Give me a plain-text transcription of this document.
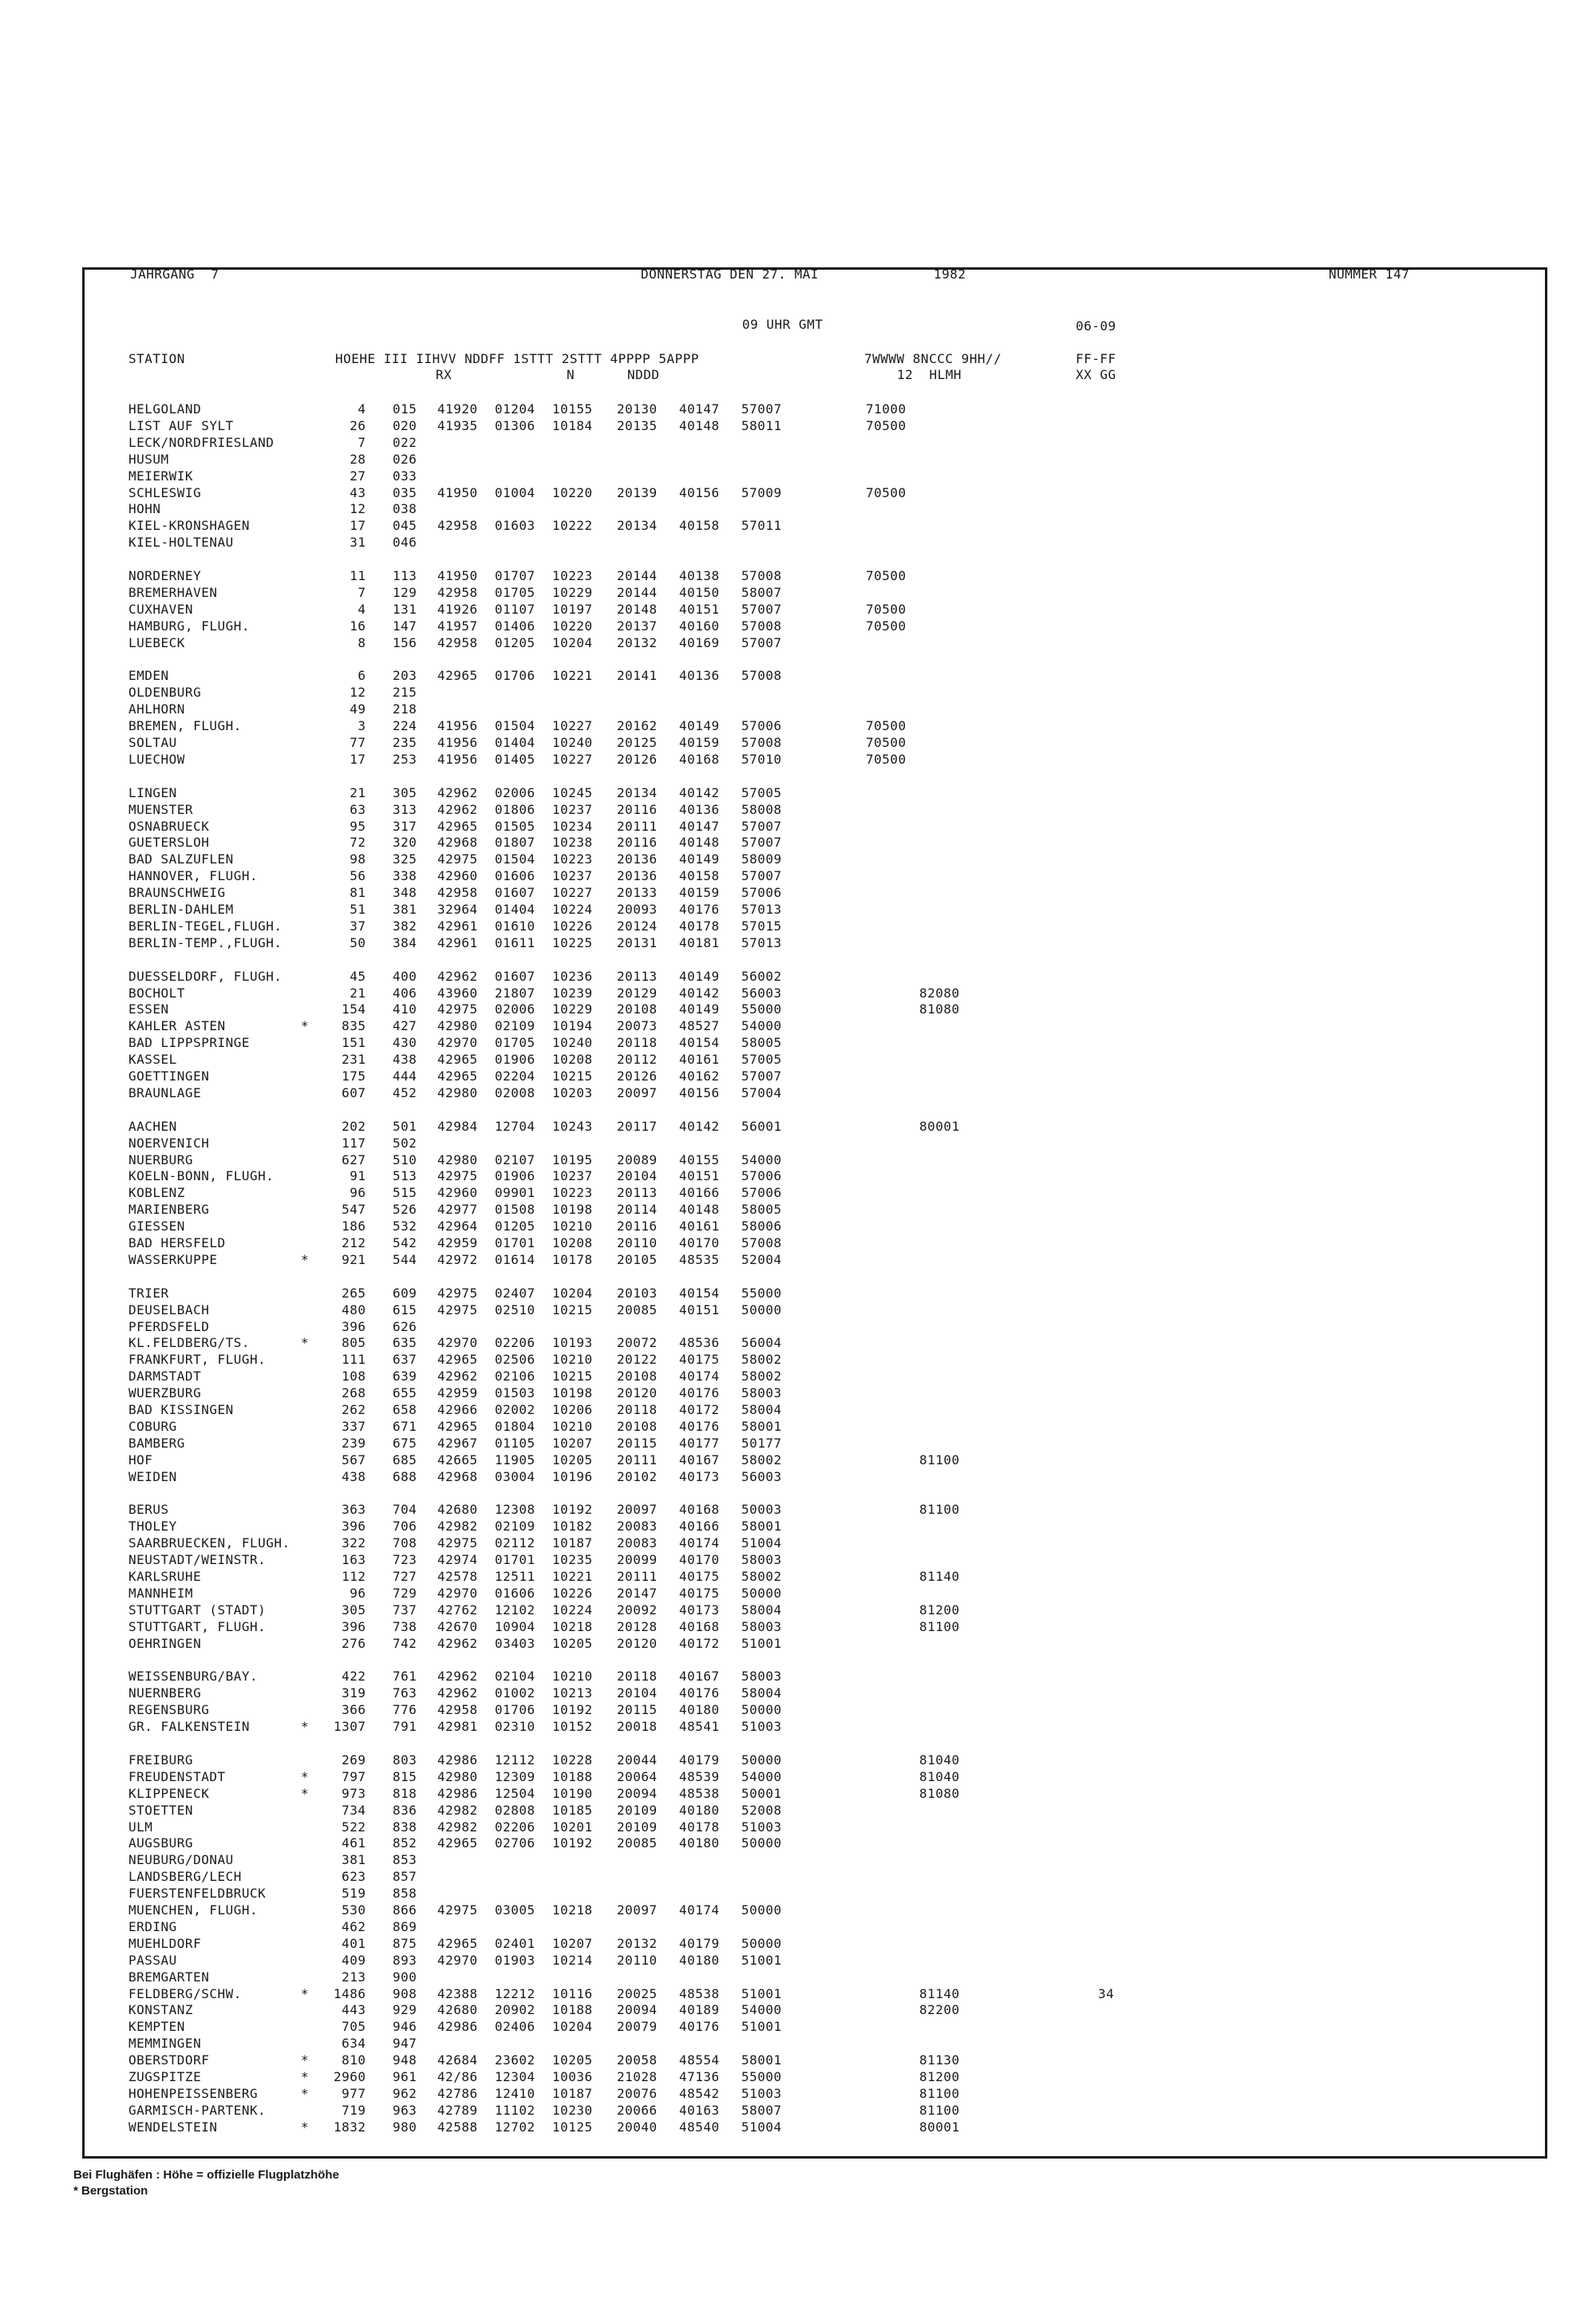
JAHRGANG  7	DONNERSTAG DEN 27. MAI	1982	NUMMER 147
09 UHR GMT	06-09
STATION	HOEHE III IIHVV NDDFF 1STTT 2STTT 4PPPP 5APPP	7WWWW 8NCCC 9HH//	FF-FF
RX	N	NDDD	12  HLMH	XX GG
HELGOLAND	4 015 41920 01204 10155 20130 40147 57007	71000
LIST AUF SYLT	26 020 41935 01306 10184 20135 40148 58011	70500
LECK/NORDFRIESLAND	7 022
HUSUM	28 026
MEIERWIK	27 033
SCHLESWIG	43 035 41950 01004 10220 20139 40156 57009	70500
HOHN	12 038
KIEL-KRONSHAGEN	17 045 42958 01603 10222 20134 40158 57011
KIEL-HOLTENAU	31 046
NORDERNEY	11 113 41950 01707 10223 20144 40138 57008	70500
BREMERHAVEN	7 129 42958 01705 10229 20144 40150 58007
CUXHAVEN	4 131 41926 01107 10197 20148 40151 57007	70500
HAMBURG, FLUGH.	16 147 41957 01406 10220 20137 40160 57008	70500
LUEBECK	8 156 42958 01205 10204 20132 40169 57007
EMDEN	6 203 42965 01706 10221 20141 40136 57008
OLDENBURG	12 215
AHLHORN	49 218
BREMEN, FLUGH.	3 224 41956 01504 10227 20162 40149 57006	70500
SOLTAU	77 235 41956 01404 10240 20125 40159 57008	70500
LUECHOW	17 253 41956 01405 10227 20126 40168 57010	70500
LINGEN	21 305 42962 02006 10245 20134 40142 57005
MUENSTER	63 313 42962 01806 10237 20116 40136 58008
OSNABRUECK	95 317 42965 01505 10234 20111 40147 57007
GUETERSLOH	72 320 42968 01807 10238 20116 40148 57007
BAD SALZUFLEN	98 325 42975 01504 10223 20136 40149 58009
HANNOVER, FLUGH.	56 338 42960 01606 10237 20136 40158 57007
BRAUNSCHWEIG	81 348 42958 01607 10227 20133 40159 57006
BERLIN-DAHLEM	51 381 32964 01404 10224 20093 40176 57013
BERLIN-TEGEL,FLUGH.	37 382 42961 01610 10226 20124 40178 57015
BERLIN-TEMP.,FLUGH.	50 384 42961 01611 10225 20131 40181 57013
DUESSELDORF, FLUGH.	45 400 42962 01607 10236 20113 40149 56002
BOCHOLT	21 406 43960 21807 10239 20129 40142 56003	82080
ESSEN	154 410 42975 02006 10229 20108 40149 55000	81080
KAHLER ASTEN	* 835 427 42980 02109 10194 20073 48527 54000
BAD LIPPSPRINGE	151 430 42970 01705 10240 20118 40154 58005
KASSEL	231 438 42965 01906 10208 20112 40161 57005
GOETTINGEN	175 444 42965 02204 10215 20126 40162 57007
BRAUNLAGE	607 452 42980 02008 10203 20097 40156 57004
AACHEN	202 501 42984 12704 10243 20117 40142 56001	80001
NOERVENICH	117 502
NUERBURG	627 510 42980 02107 10195 20089 40155 54000
KOELN-BONN, FLUGH.	91 513 42975 01906 10237 20104 40151 57006
KOBLENZ	96 515 42960 09901 10223 20113 40166 57006
MARIENBERG	547 526 42977 01508 10198 20114 40148 58005
GIESSEN	186 532 42964 01205 10210 20116 40161 58006
BAD HERSFELD	212 542 42959 01701 10208 20110 40170 57008
WASSERKUPPE	* 921 544 42972 01614 10178 20105 48535 52004
TRIER	265 609 42975 02407 10204 20103 40154 55000
DEUSELBACH	480 615 42975 02510 10215 20085 40151 50000
PFERDSFELD	396 626
KL.FELDBERG/TS.	* 805 635 42970 02206 10193 20072 48536 56004
FRANKFURT, FLUGH.	111 637 42965 02506 10210 20122 40175 58002
DARMSTADT	108 639 42962 02106 10215 20108 40174 58002
WUERZBURG	268 655 42959 01503 10198 20120 40176 58003
BAD KISSINGEN	262 658 42966 02002 10206 20118 40172 58004
COBURG	337 671 42965 01804 10210 20108 40176 58001
BAMBERG	239 675 42967 01105 10207 20115 40177 50177
HOF	567 685 42665 11905 10205 20111 40167 58002	81100
WEIDEN	438 688 42968 03004 10196 20102 40173 56003
BERUS	363 704 42680 12308 10192 20097 40168 50003	81100
THOLEY	396 706 42982 02109 10182 20083 40166 58001
SAARBRUECKEN, FLUGH.	322 708 42975 02112 10187 20083 40174 51004
NEUSTADT/WEINSTR.	163 723 42974 01701 10235 20099 40170 58003
KARLSRUHE	112 727 42578 12511 10221 20111 40175 58002	81140
MANNHEIM	96 729 42970 01606 10226 20147 40175 50000
STUTTGART (STADT)	305 737 42762 12102 10224 20092 40173 58004	81200
STUTTGART, FLUGH.	396 738 42670 10904 10218 20128 40168 58003	81100
OEHRINGEN	276 742 42962 03403 10205 20120 40172 51001
WEISSENBURG/BAY.	422 761 42962 02104 10210 20118 40167 58003
NUERNBERG	319 763 42962 01002 10213 20104 40176 58004
REGENSBURG	366 776 42958 01706 10192 20115 40180 50000
GR. FALKENSTEIN	* 1307 791 42981 02310 10152 20018 48541 51003
FREIBURG	269 803 42986 12112 10228 20044 40179 50000	81040
FREUDENSTADT	* 797 815 42980 12309 10188 20064 48539 54000	81040
KLIPPENECK	* 973 818 42986 12504 10190 20094 48538 50001	81080
STOETTEN	734 836 42982 02808 10185 20109 40180 52008
ULM	522 838 42982 02206 10201 20109 40178 51003
AUGSBURG	461 852 42965 02706 10192 20085 40180 50000
NEUBURG/DONAU	381 853
LANDSBERG/LECH	623 857
FUERSTENFELDBRUCK	519 858
MUENCHEN, FLUGH.	530 866 42975 03005 10218 20097 40174 50000
ERDING	462 869
MUEHLDORF	401 875 42965 02401 10207 20132 40179 50000
PASSAU	409 893 42970 01903 10214 20110 40180 51001
BREMGARTEN	213 900
FELDBERG/SCHW.	* 1486 908 42388 12212 10116 20025 48538 51001	81140	34
KONSTANZ	443 929 42680 20902 10188 20094 40189 54000	82200
KEMPTEN	705 946 42986 02406 10204 20079 40176 51001
MEMMINGEN	634 947
OBERSTDORF	* 810 948 42684 23602 10205 20058 48554 58001	81130
ZUGSPITZE	* 2960 961 42/86 12304 10036 21028 47136 55000	81200
HOHENPEISSENBERG	* 977 962 42786 12410 10187 20076 48542 51003	81100
GARMISCH-PARTENK.	719 963 42789 11102 10230 20066 40163 58007	81100
WENDELSTEIN	* 1832 980 42588 12702 10125 20040 48540 51004	80001
Bei Flughäfen : Höhe = offizielle Flugplatzhöhe
* Bergstation
